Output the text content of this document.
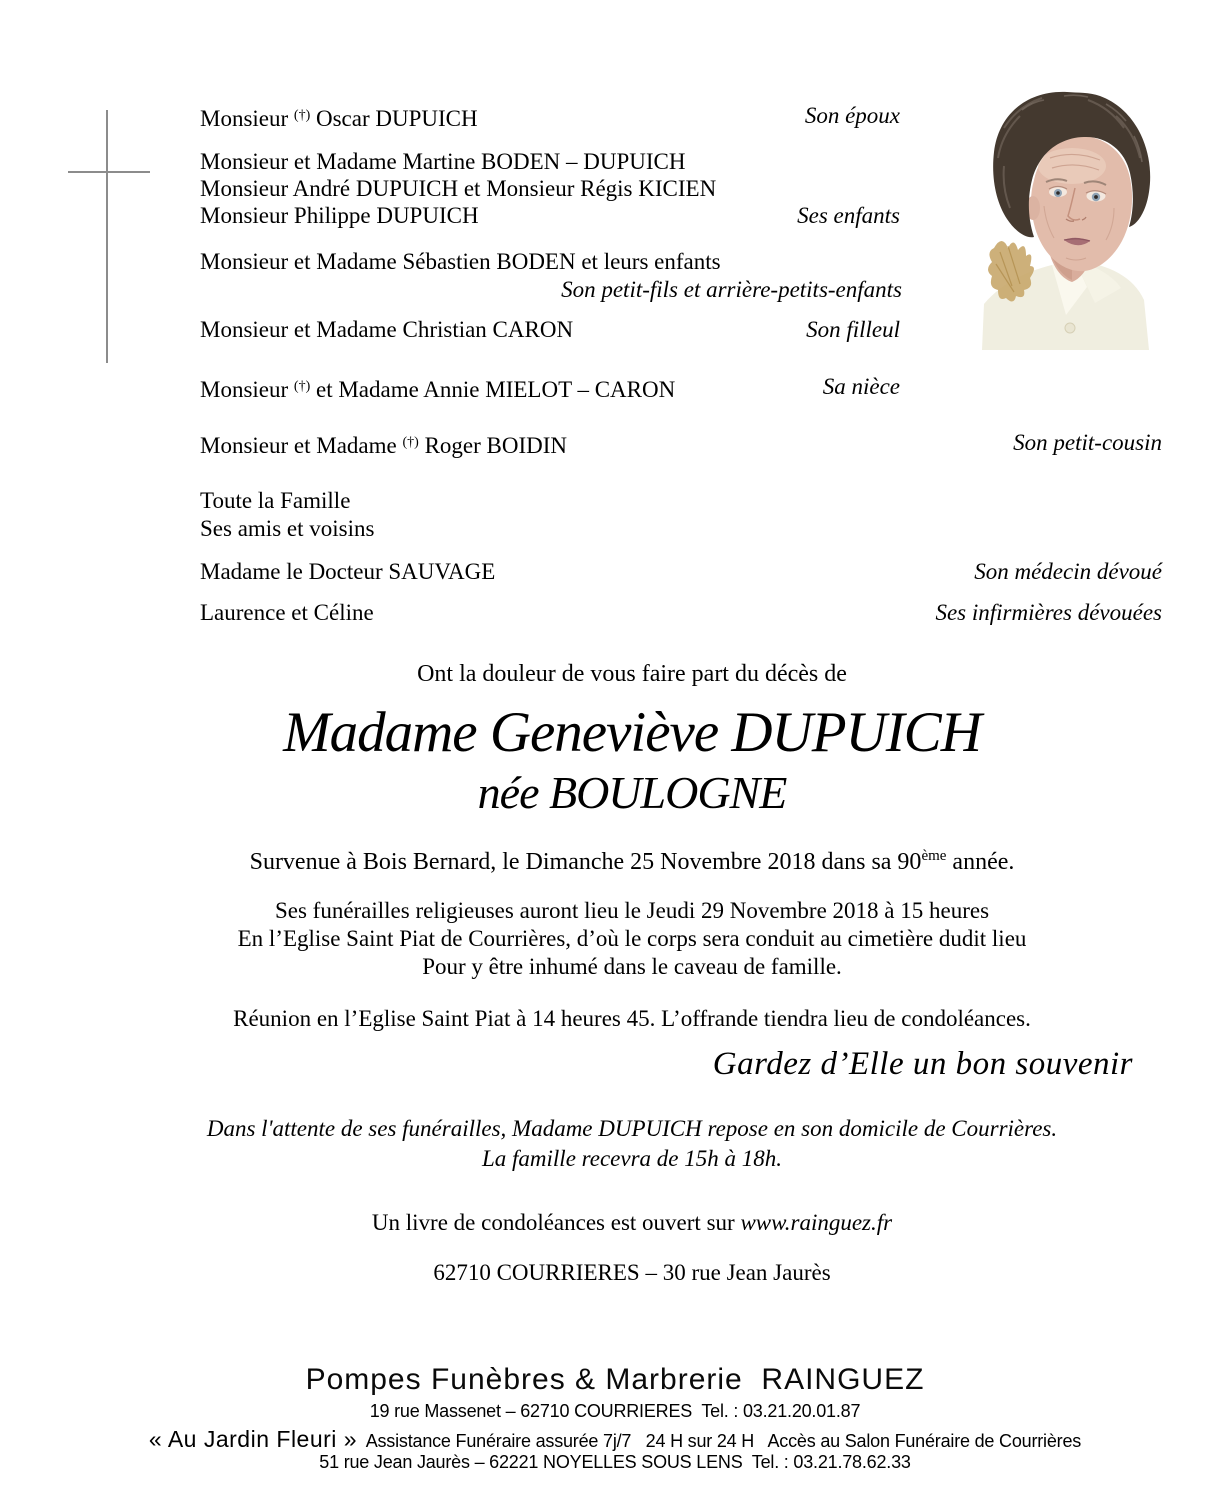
Monsieur (†) Oscar DUPUICH	Son époux
Monsieur et Madame Martine BODEN – DUPUICH
Monsieur André DUPUICH et Monsieur Régis KICIEN
Monsieur Philippe DUPUICH	Ses enfants
Monsieur et Madame Sébastien BODEN et leurs enfants
Son petit-fils et arrière-petits-enfants
Monsieur et Madame Christian CARON	Son filleul
Monsieur (†) et Madame Annie MIELOT – CARON	Sa nièce
Monsieur et Madame (†) Roger BOIDIN	Son petit-cousin
Toute la Famille
Ses amis et voisins
Madame le Docteur SAUVAGE	Son médecin dévoué
Laurence et Céline	Ses infirmières dévouées
Ont la douleur de vous faire part du décès de
Madame Geneviève DUPUICH
née BOULOGNE
Survenue à Bois Bernard, le Dimanche 25 Novembre 2018 dans sa 90ème année.
Ses funérailles religieuses auront lieu le Jeudi 29 Novembre 2018 à 15 heures
En l’Eglise Saint Piat de Courrières, d’où le corps sera conduit au cimetière dudit lieu
Pour y être inhumé dans le caveau de famille.
Réunion en l’Eglise Saint Piat à 14 heures 45. L’offrande tiendra lieu de condoléances.
Gardez d’Elle un bon souvenir
Dans l'attente de ses funérailles, Madame DUPUICH repose en son domicile de Courrières.
La famille recevra de 15h à 18h.
Un livre de condoléances est ouvert sur www.rainguez.fr
62710 COURRIERES – 30 rue Jean Jaurès
Pompes Funèbres & Marbrerie  RAINGUEZ
19 rue Massenet – 62710 COURRIERES  Tel. : 03.21.20.01.87
« Au Jardin Fleuri »  Assistance Funéraire assurée 7j/7   24 H sur 24 H   Accès au Salon Funéraire de Courrières
51 rue Jean Jaurès – 62221 NOYELLES SOUS LENS  Tel. : 03.21.78.62.33
